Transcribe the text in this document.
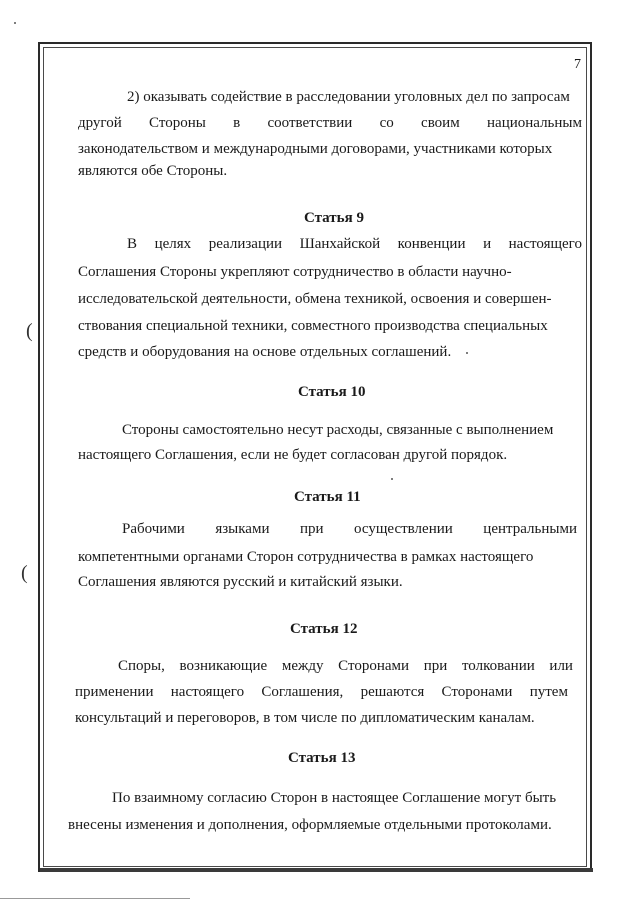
7
2) оказывать содействие в расследовании уголовных дел по запросам
другой Стороны в соответствии со своим национальным
законодательством и международными договорами, участниками которых
являются обе Стороны.
Статья 9
В целях реализации Шанхайской конвенции и настоящего
Соглашения Стороны укрепляют сотрудничество в области научно-
исследовательской деятельности, обмена техникой, освоения и совершен-
ствования специальной техники, совместного производства специальных
средств и оборудования на основе отдельных соглашений.
Статья 10
Стороны самостоятельно несут расходы, связанные с выполнением
настоящего Соглашения, если не будет согласован другой порядок.
Статья 11
Рабочими языками при осуществлении центральными
компетентными органами Сторон сотрудничества в рамках настоящего
Соглашения являются русский и китайский языки.
Статья 12
Споры, возникающие между Сторонами при толковании или
применении настоящего Соглашения, решаются Сторонами путем
консультаций и переговоров, в том числе по дипломатическим каналам.
Статья 13
По взаимному согласию Сторон в настоящее Соглашение могут быть
внесены изменения и дополнения, оформляемые отдельными протоколами.
(
(
